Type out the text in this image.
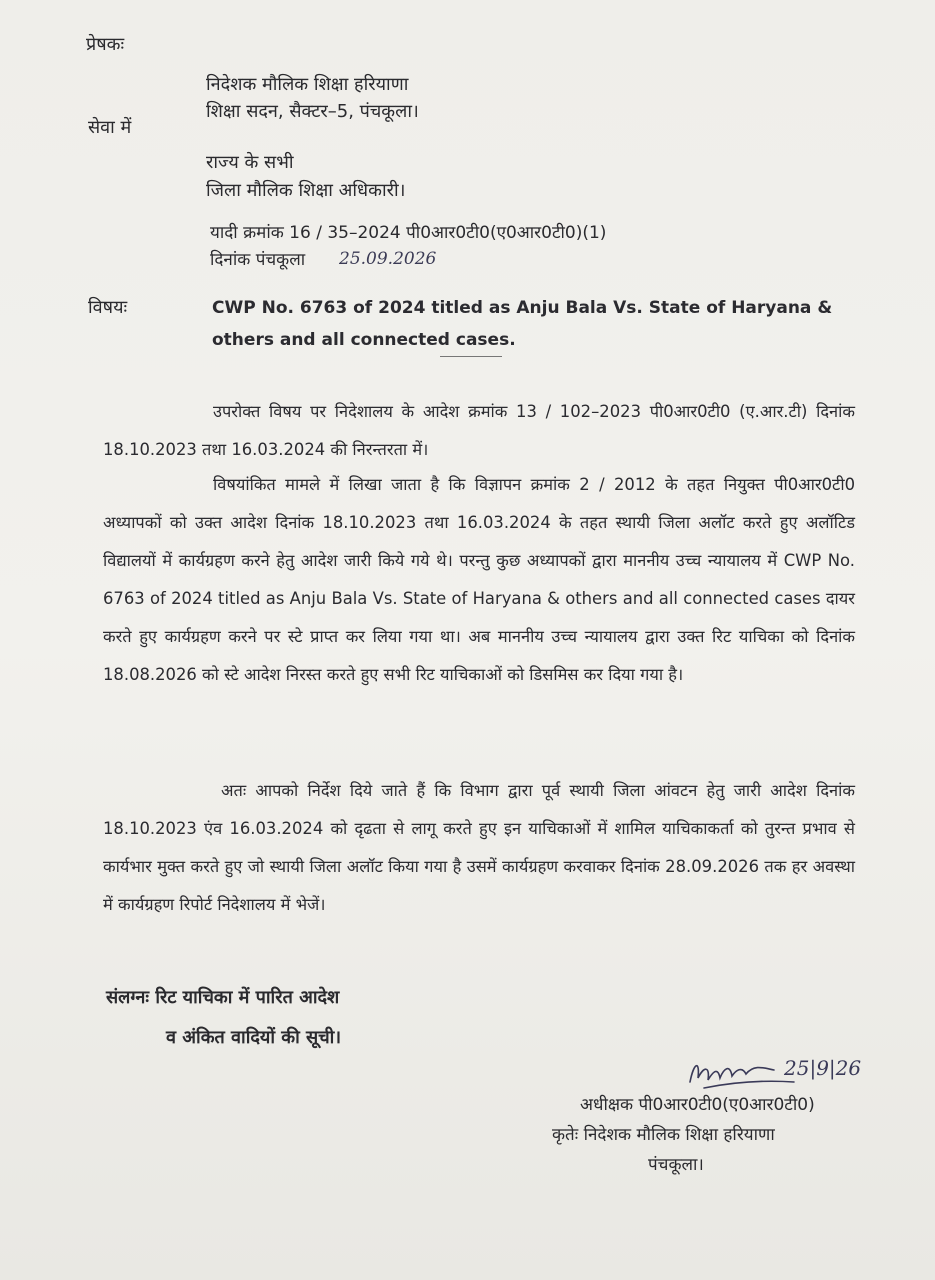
प्रेषकः
निदेशक मौलिक शिक्षा हरियाणा
शिक्षा सदन, सैक्टर–5, पंचकूला।
सेवा में
राज्य के सभी
जिला मौलिक शिक्षा अधिकारी।
यादी क्रमांक 16 / 35–2024 पी0आर0टी0(ए0आर0टी0)(1)
दिनांक पंचकूला 25.09.2026
विषयः	CWP No. 6763 of 2024 titled as Anju Bala Vs. State of Haryana & others and all connected cases.
उपरोक्त विषय पर निदेशालय के आदेश क्रमांक 13 / 102–2023 पी0आर0टी0 (ए.आर.टी) दिनांक 18.10.2023 तथा 16.03.2024 की निरन्तरता में।
विषयांकित मामले में लिखा जाता है कि विज्ञापन क्रमांक 2 / 2012 के तहत नियुक्त पी0आर0टी0 अध्यापकों को उक्त आदेश दिनांक 18.10.2023 तथा 16.03.2024 के तहत स्थायी जिला अलॉट करते हुए अलॉटिड विद्यालयों में कार्यग्रहण करने हेतु आदेश जारी किये गये थे। परन्तु कुछ अध्यापकों द्वारा माननीय उच्च न्यायालय में CWP No. 6763 of 2024 titled as Anju Bala Vs. State of Haryana & others and all connected cases दायर करते हुए कार्यग्रहण करने पर स्टे प्राप्त कर लिया गया था। अब माननीय उच्च न्यायालय द्वारा उक्त रिट याचिका को दिनांक 18.08.2026 को स्टे आदेश निरस्त करते हुए सभी रिट याचिकाओं को डिसमिस कर दिया गया है।
अतः आपको निर्देश दिये जाते हैं कि विभाग द्वारा पूर्व स्थायी जिला आंवटन हेतु जारी आदेश दिनांक 18.10.2023 एंव 16.03.2024 को दृढता से लागू करते हुए इन याचिकाओं में शामिल याचिकाकर्ता को तुरन्त प्रभाव से कार्यभार मुक्त करते हुए जो स्थायी जिला अलॉट किया गया है उसमें कार्यग्रहण करवाकर दिनांक 28.09.2026 तक हर अवस्था में कार्यग्रहण रिपोर्ट निदेशालय में भेजें।
संलग्नः रिट याचिका में पारित आदेश
व अंकित वादियों की सूची।
25|9|26
अधीक्षक पी0आर0टी0(ए0आर0टी0)
कृतेः निदेशक मौलिक शिक्षा हरियाणा
पंचकूला।
